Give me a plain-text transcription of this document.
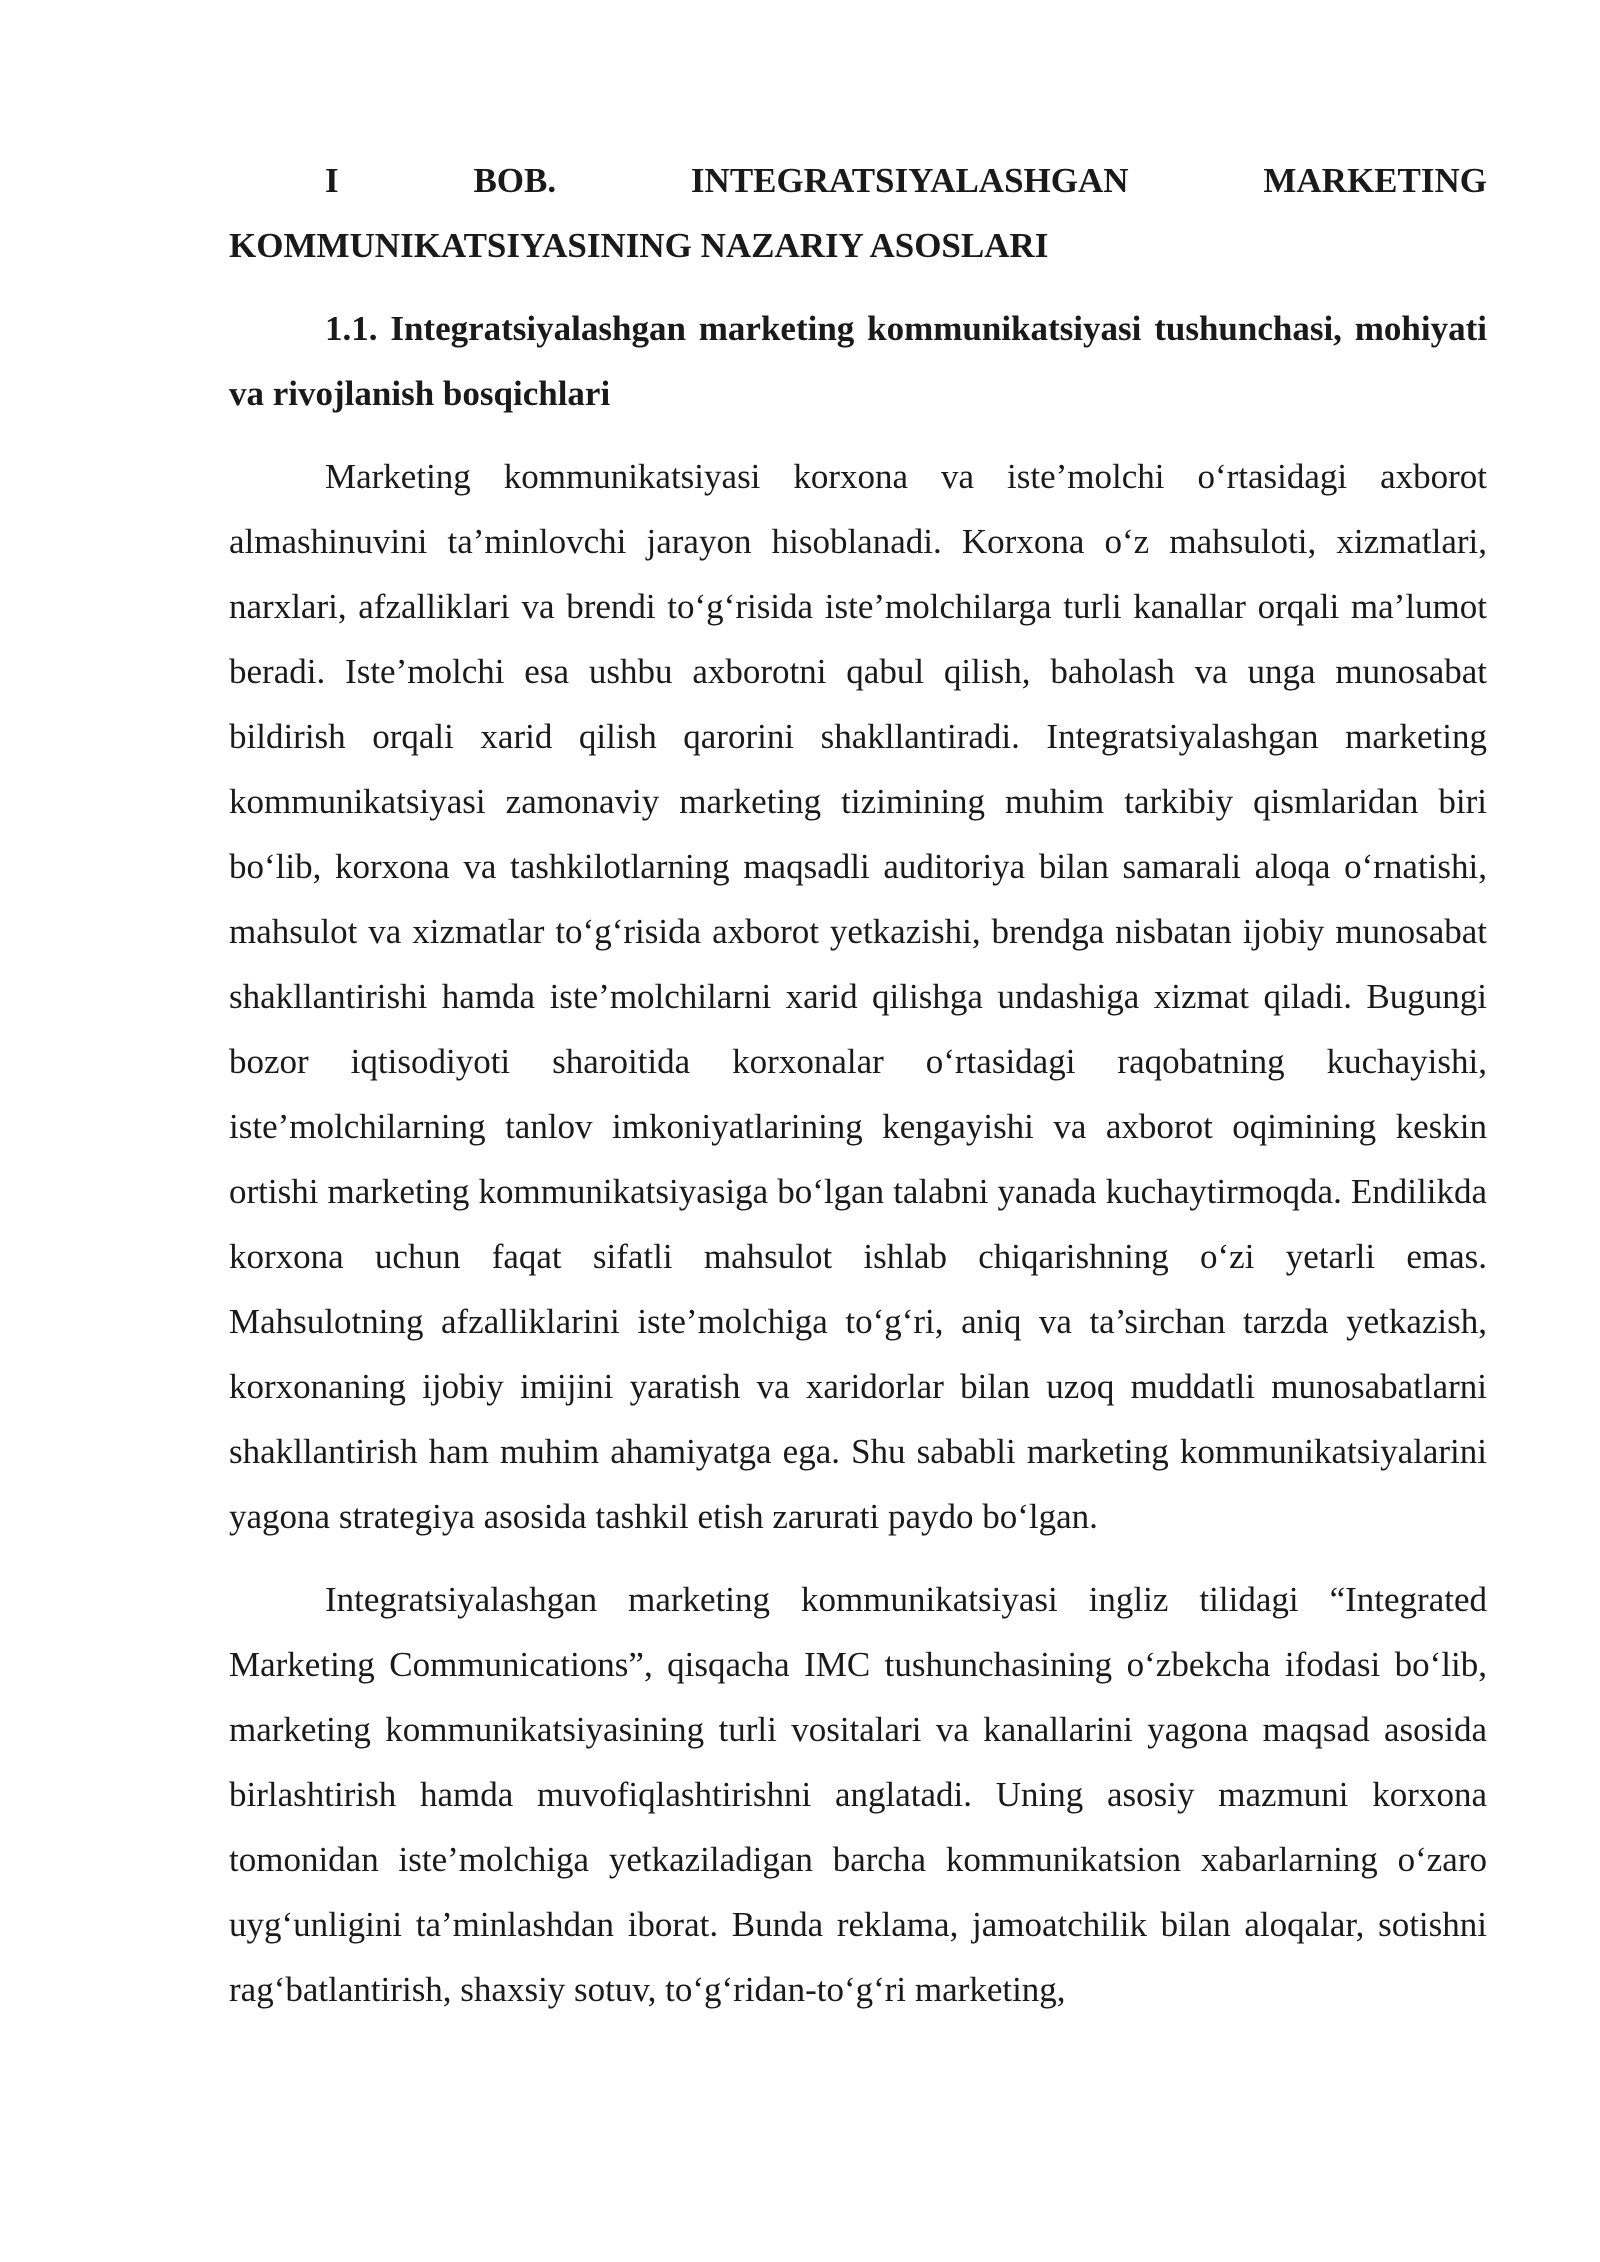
I BOB. INTEGRATSIYALASHGAN MARKETING KOMMUNIKATSIYASINING NAZARIY ASOSLARI
1.1. Integratsiyalashgan marketing kommunikatsiyasi tushunchasi, mohiyati va rivojlanish bosqichlari

Marketing kommunikatsiyasi korxona va iste’molchi oʻrtasidagi axborot almashinuvini ta’minlovchi jarayon hisoblanadi. Korxona oʻz mahsuloti, xizmatlari, narxlari, afzalliklari va brendi toʻgʻrisida iste’molchilarga turli kanallar orqali ma’lumot beradi. Iste’molchi esa ushbu axborotni qabul qilish, baholash va unga munosabat bildirish orqali xarid qilish qarorini shakllantiradi. Integratsiyalashgan marketing kommunikatsiyasi zamonaviy marketing tizimining muhim tarkibiy qismlaridan biri boʻlib, korxona va tashkilotlarning maqsadli auditoriya bilan samarali aloqa oʻrnatishi, mahsulot va xizmatlar toʻgʻrisida axborot yetkazishi, brendga nisbatan ijobiy munosabat shakllantirishi hamda iste’molchilarni xarid qilishga undashiga xizmat qiladi. Bugungi bozor iqtisodiyoti sharoitida korxonalar oʻrtasidagi raqobatning kuchayishi, iste’molchilarning tanlov imkoniyatlarining kengayishi va axborot oqimining keskin ortishi marketing kommunikatsiyasiga boʻlgan talabni yanada kuchaytirmoqda. Endilikda korxona uchun faqat sifatli mahsulot ishlab chiqarishning oʻzi yetarli emas. Mahsulotning afzalliklarini iste’molchiga toʻgʻri, aniq va ta’sirchan tarzda yetkazish, korxonaning ijobiy imijini yaratish va xaridorlar bilan uzoq muddatli munosabatlarni shakllantirish ham muhim ahamiyatga ega. Shu sababli marketing kommunikatsiyalarini yagona strategiya asosida tashkil etish zarurati paydo boʻlgan.

Integratsiyalashgan marketing kommunikatsiyasi ingliz tilidagi “Integrated Marketing Communications”, qisqacha IMC tushunchasining oʻzbekcha ifodasi boʻlib, marketing kommunikatsiyasining turli vositalari va kanallarini yagona maqsad asosida birlashtirish hamda muvofiqlashtirishni anglatadi. Uning asosiy mazmuni korxona tomonidan iste’molchiga yetkaziladigan barcha kommunikatsion xabarlarning oʻzaro uygʻunligini ta’minlashdan iborat. Bunda reklama, jamoatchilik bilan aloqalar, sotishni ragʻbatlantirish, shaxsiy sotuv, toʻgʻridan-toʻgʻri marketing,
